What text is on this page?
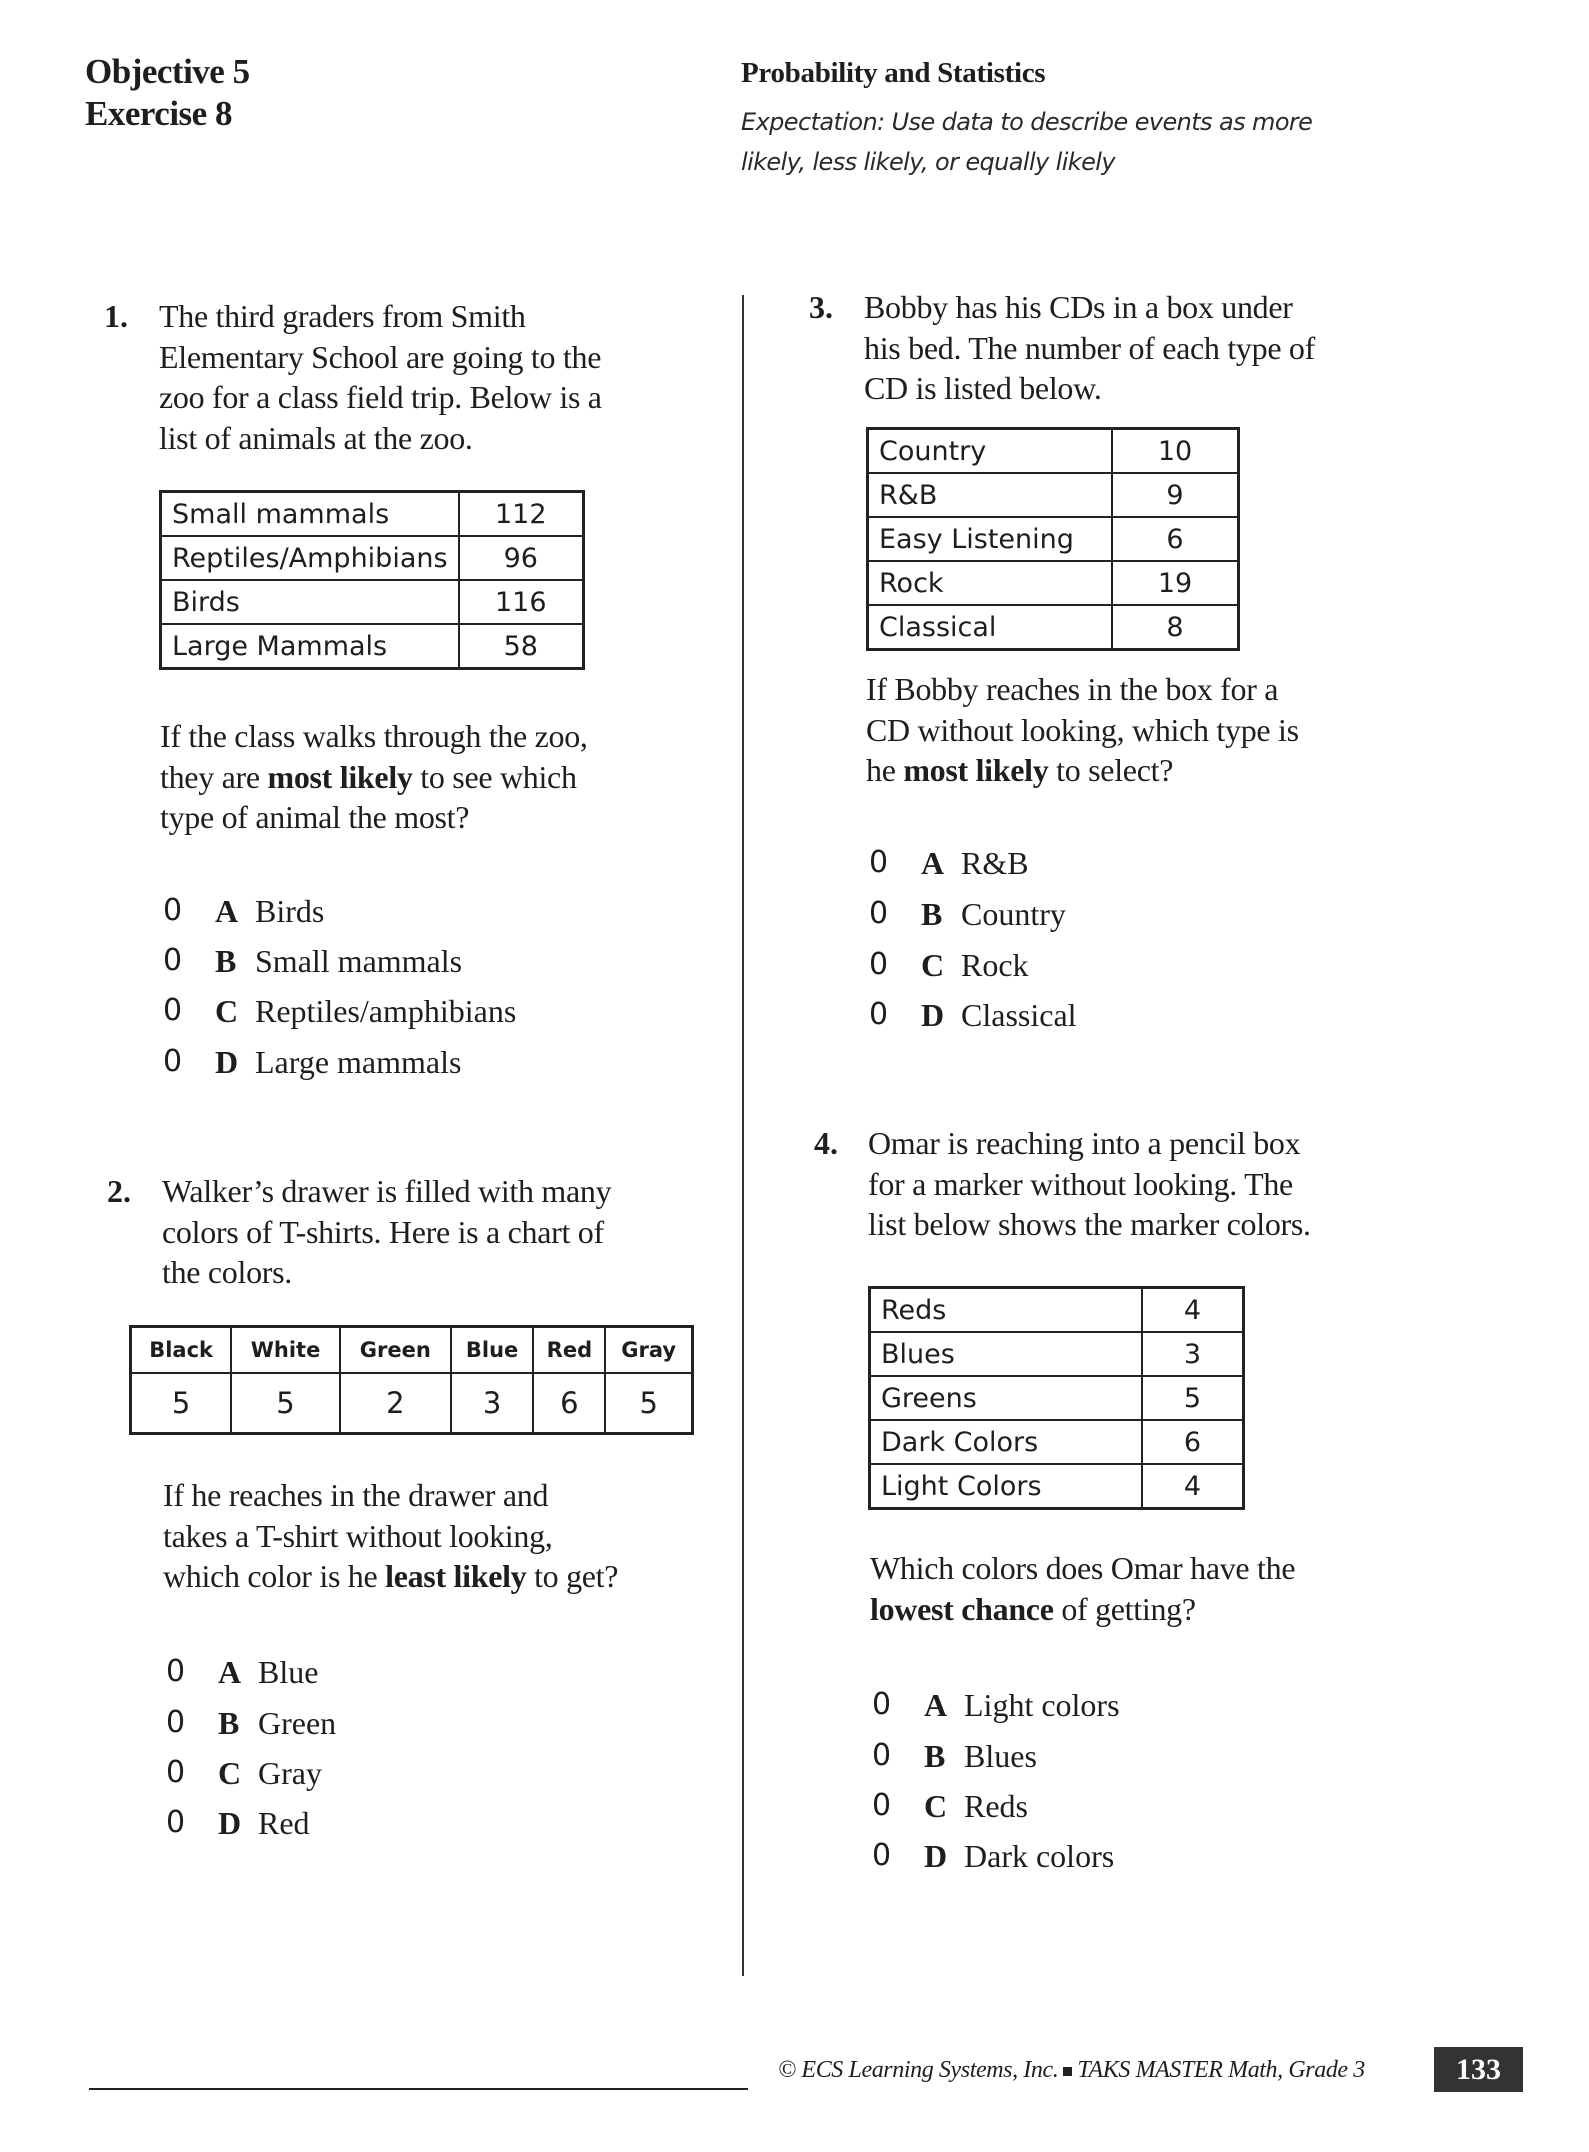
Objective 5
Exercise 8
Probability and Statistics
Expectation: Use data to describe events as more
likely, less likely, or equally likely
1. The third graders from Smith
Elementary School are going to the
zoo for a class field trip. Below is a
list of animals at the zoo.
Small mammals	112
Reptiles/Amphibians	96
Birds	116
Large Mammals	58
If the class walks through the zoo,
they are most likely to see which
type of animal the most?
0 A Birds
0 B Small mammals
0 C Reptiles/amphibians
0 D Large mammals
2. Walker’s drawer is filled with many
colors of T-shirts. Here is a chart of
the colors.
Black	White	Green	Blue	Red	Gray
5	5	2	3	6	5
If he reaches in the drawer and
takes a T-shirt without looking,
which color is he least likely to get?
0 A Blue
0 B Green
0 C Gray
0 D Red
3. Bobby has his CDs in a box under
his bed. The number of each type of
CD is listed below.
Country	10
R&B	9
Easy Listening	6
Rock	19
Classical	8
If Bobby reaches in the box for a
CD without looking, which type is
he most likely to select?
0 A R&B
0 B Country
0 C Rock
0 D Classical
4. Omar is reaching into a pencil box
for a marker without looking. The
list below shows the marker colors.
Reds	4
Blues	3
Greens	5
Dark Colors	6
Light Colors	4
Which colors does Omar have the
lowest chance of getting?
0 A Light colors
0 B Blues
0 C Reds
0 D Dark colors
© ECS Learning Systems, Inc. TAKS MASTER Math, Grade 3	133
